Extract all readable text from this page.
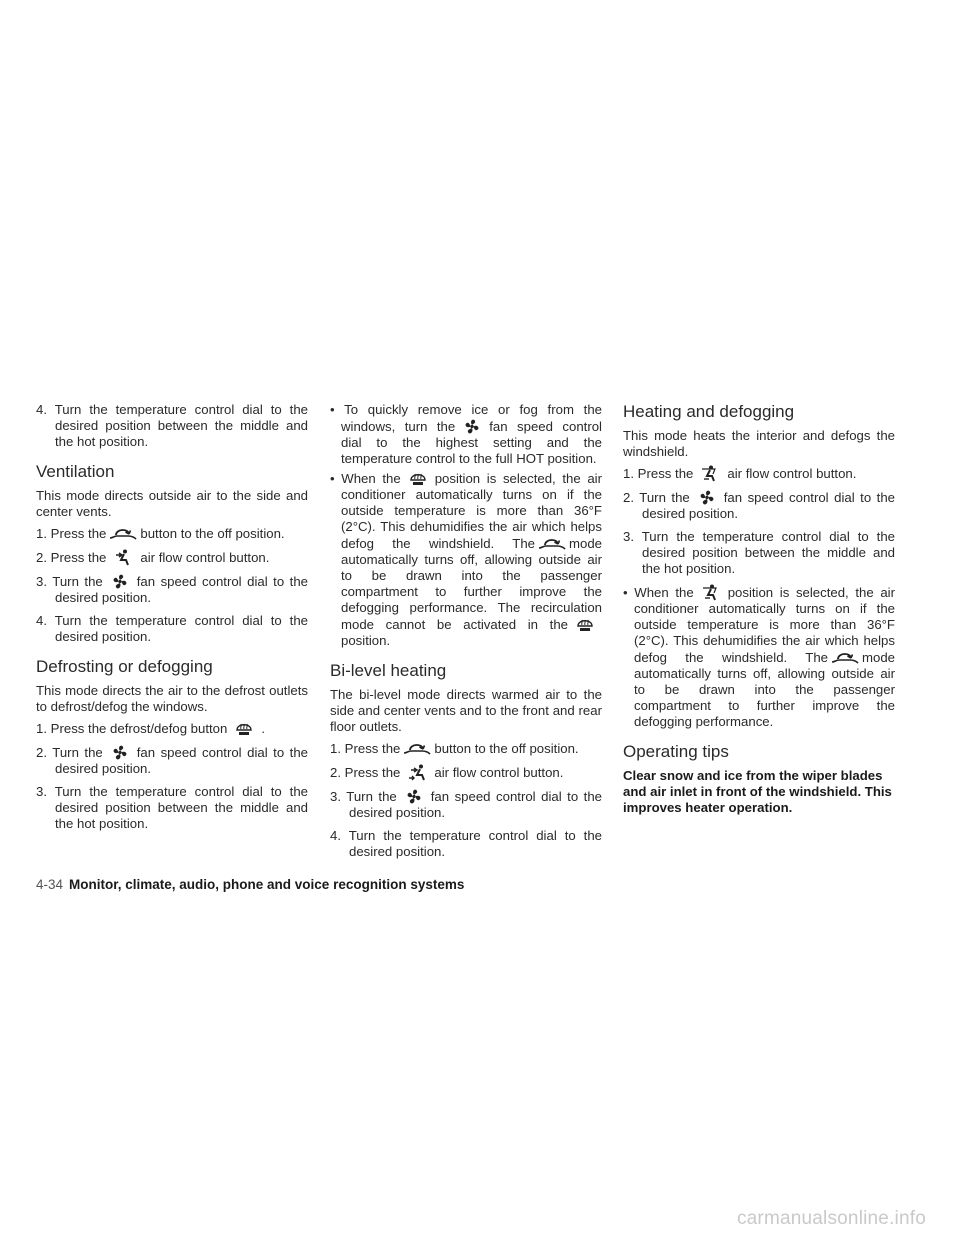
4. Turn the temperature control dial to the desired position between the middle and the hot position.

Ventilation

This mode directs outside air to the side and center vents.

1. Press the	button to the off position.

2. Press the	air flow control button.

3. Turn the	fan speed control dial to the desired position.

4. Turn the temperature control dial to the desired position.

Defrosting or defogging

This mode directs the air to the defrost outlets to defrost/defog the windows.

1. Press the defrost/defog button	.

2. Turn the	fan speed control dial to the desired position.

3. Turn the temperature control dial to the desired position between the middle and the hot position.

• To quickly remove ice or fog from the windows, turn the	fan speed control dial to the highest setting and the temperature control to the full HOT position.

• When the	position is selected, the air conditioner automatically turns on if the outside temperature is more than 36°F (2°C). This dehumidifies the air which helps defog the windshield. The	mode automatically turns off, allowing outside air to be drawn into the passenger compartment to further improve the defogging performance. The recirculation mode cannot be activated in the
position.

Bi-level heating

The bi-level mode directs warmed air to the side and center vents and to the front and rear floor outlets.

1. Press the	button to the off position.

2. Press the	air flow control button.

3. Turn the	fan speed control dial to the desired position.

4. Turn the temperature control dial to the desired position.

Heating and defogging

This mode heats the interior and defogs the windshield.

1. Press the	air flow control button.

2. Turn the	fan speed control dial to the desired position.

3. Turn the temperature control dial to the desired position between the middle and the hot position.

• When the	position is selected, the air conditioner automatically turns on if the outside temperature is more than 36°F (2°C). This dehumidifies the air which helps defog the windshield. The	mode automatically turns off, allowing outside air to be drawn into the passenger compartment to further improve the defogging performance.

Operating tips

Clear snow and ice from the wiper blades and air inlet in front of the windshield. This improves heater operation.

4-34 Monitor, climate, audio, phone and voice recognition systems
carmanualsonline.info
